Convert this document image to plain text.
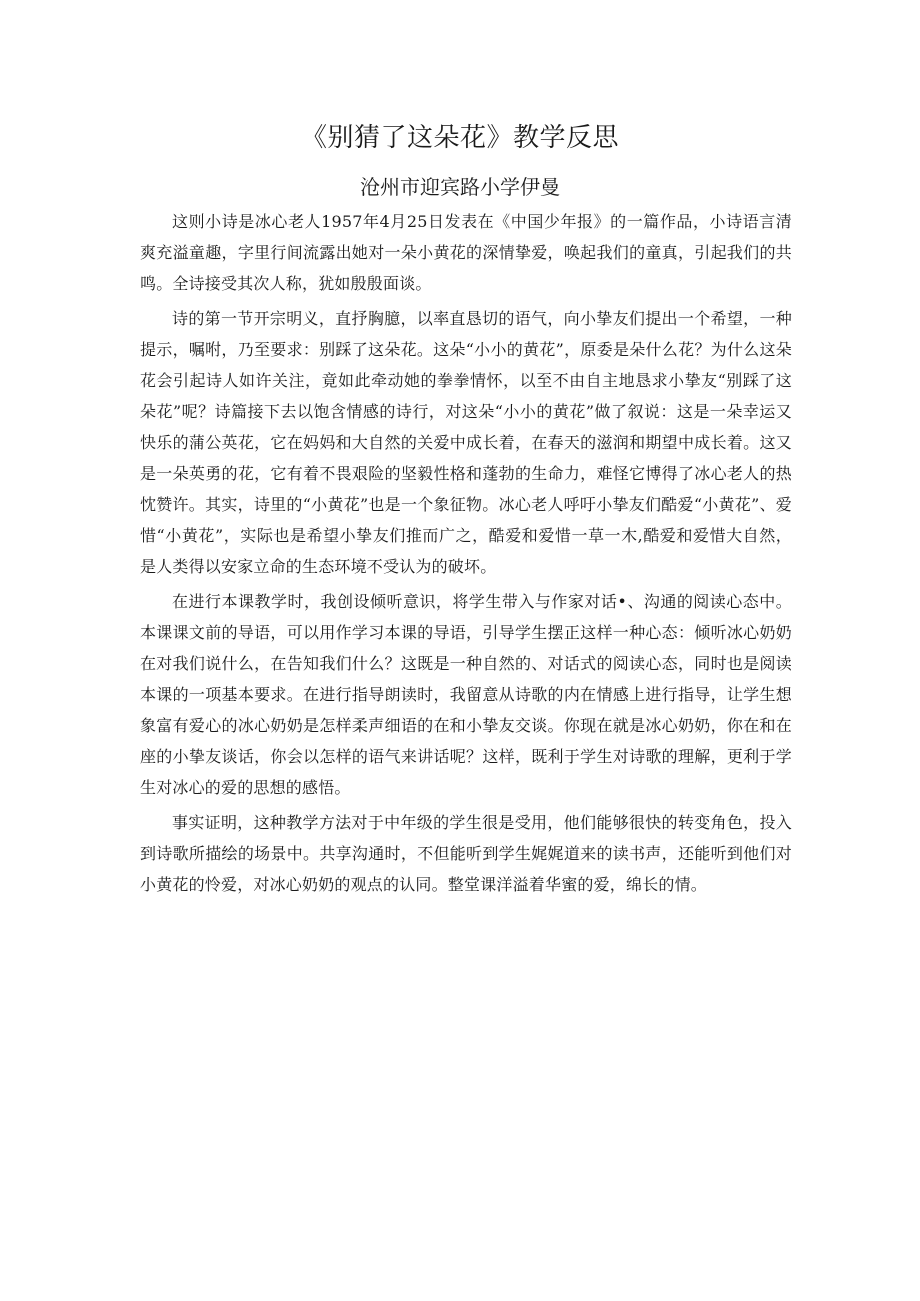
《别猜了这朵花》教学反思
沧州市迎宾路小学伊曼

这则小诗是冰心老人1957年4月25日发表在《中国少年报》的一篇作品，小诗语言清爽充溢童趣，字里行间流露出她对一朵小黄花的深情挚爱，唤起我们的童真，引起我们的共鸣。全诗接受其次人称，犹如殷殷面谈。

诗的第一节开宗明义，直抒胸臆，以率直恳切的语气，向小挚友们提出一个希望，一种提示，嘱咐，乃至要求：别踩了这朵花。这朵“小小的黄花”，原委是朵什么花？为什么这朵花会引起诗人如许关注，竟如此牵动她的拳拳情怀，以至不由自主地恳求小挚友“别踩了这朵花”呢？诗篇接下去以饱含情感的诗行，对这朵“小小的黄花”做了叙说：这是一朵幸运又快乐的蒲公英花，它在妈妈和大自然的关爱中成长着，在春天的滋润和期望中成长着。这又是一朵英勇的花，它有着不畏艰险的坚毅性格和蓬勃的生命力，难怪它博得了冰心老人的热忱赞许。其实，诗里的“小黄花”也是一个象征物。冰心老人呼吁小挚友们酷爱“小黄花”、爱惜“小黄花”，实际也是希望小挚友们推而广之，酷爱和爱惜一草一木,酷爱和爱惜大自然，是人类得以安家立命的生态环境不受认为的破坏。

在进行本课教学时，我创设倾听意识，将学生带入与作家对话•、沟通的阅读心态中。本课课文前的导语，可以用作学习本课的导语，引导学生摆正这样一种心态：倾听冰心奶奶在对我们说什么，在告知我们什么？这既是一种自然的、对话式的阅读心态，同时也是阅读本课的一项基本要求。在进行指导朗读时，我留意从诗歌的内在情感上进行指导，让学生想象富有爱心的冰心奶奶是怎样柔声细语的在和小挚友交谈。你现在就是冰心奶奶，你在和在座的小挚友谈话，你会以怎样的语气来讲话呢？这样，既利于学生对诗歌的理解，更利于学生对冰心的爱的思想的感悟。

事实证明，这种教学方法对于中年级的学生很是受用，他们能够很快的转变角色，投入到诗歌所描绘的场景中。共享沟通时，不但能听到学生娓娓道来的读书声，还能听到他们对小黄花的怜爱，对冰心奶奶的观点的认同。整堂课洋溢着华蜜的爱，绵长的情。
